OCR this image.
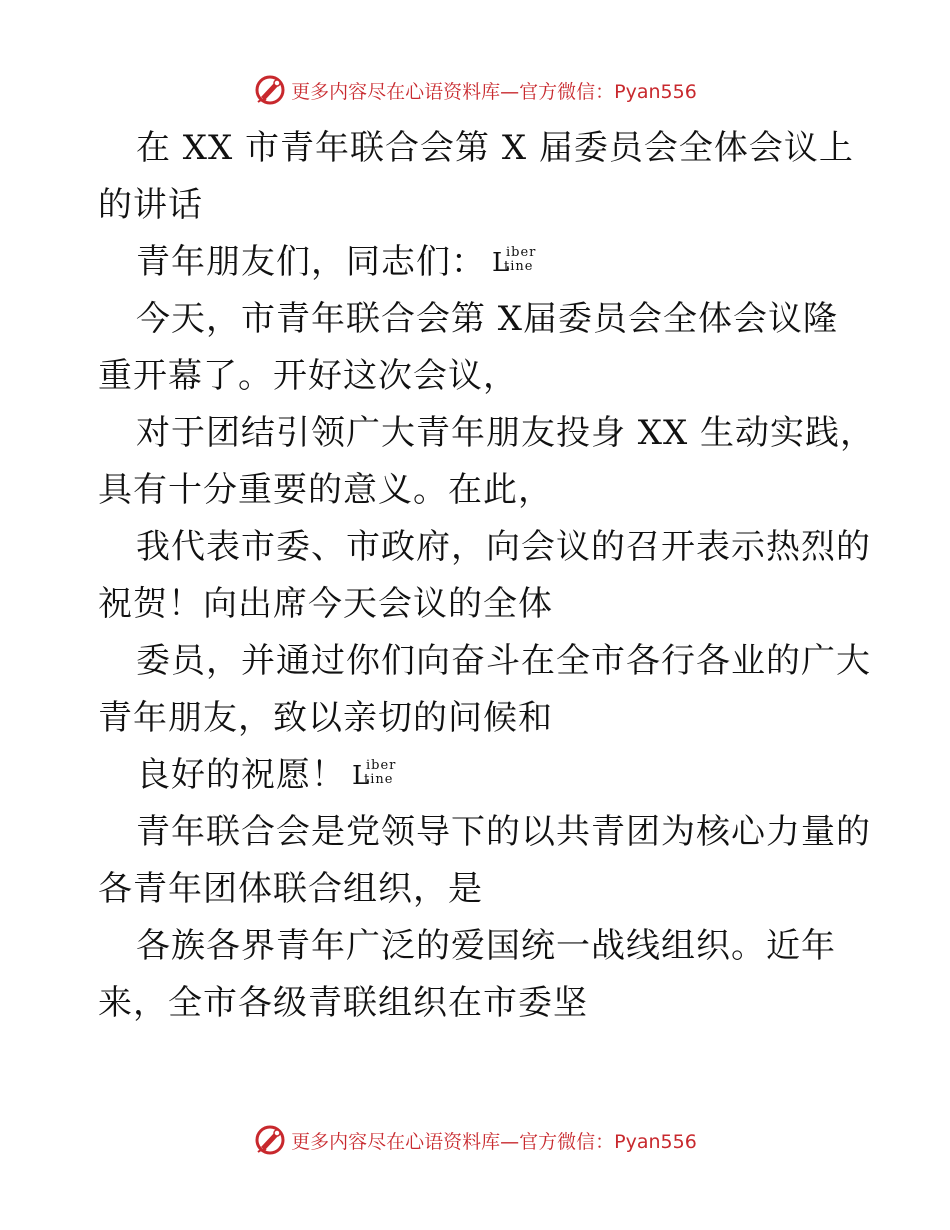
更多内容尽在心语资料库— 官方微信：Pyan556
在 XX 市青年联合会第 X 届委员会全体会议上
的讲话
青年朋友们，同志们： L
iber
tine
今天，市青年联合会第 X届委员会全体会议隆
重开幕了。开好这次会议，
对于团结引领广大青年朋友投身 XX 生动实践，
具有十分重要的意义。在此，
我代表市委、市政府，向会议的召开表示热烈的
祝贺！向出席今天会议的全体
委员，并通过你们向奋斗在全市各行各业的广大
青年朋友，致以亲切的问候和
良好的祝愿！ L
iber
tine
青年联合会是党领导下的以共青团为核心力量的
各青年团体联合组织，是
各族各界青年广泛的爱国统一战线组织。近年
来，全市各级青联组织在市委坚
更多内容尽在心语资料库— 官方微信：Pyan556
